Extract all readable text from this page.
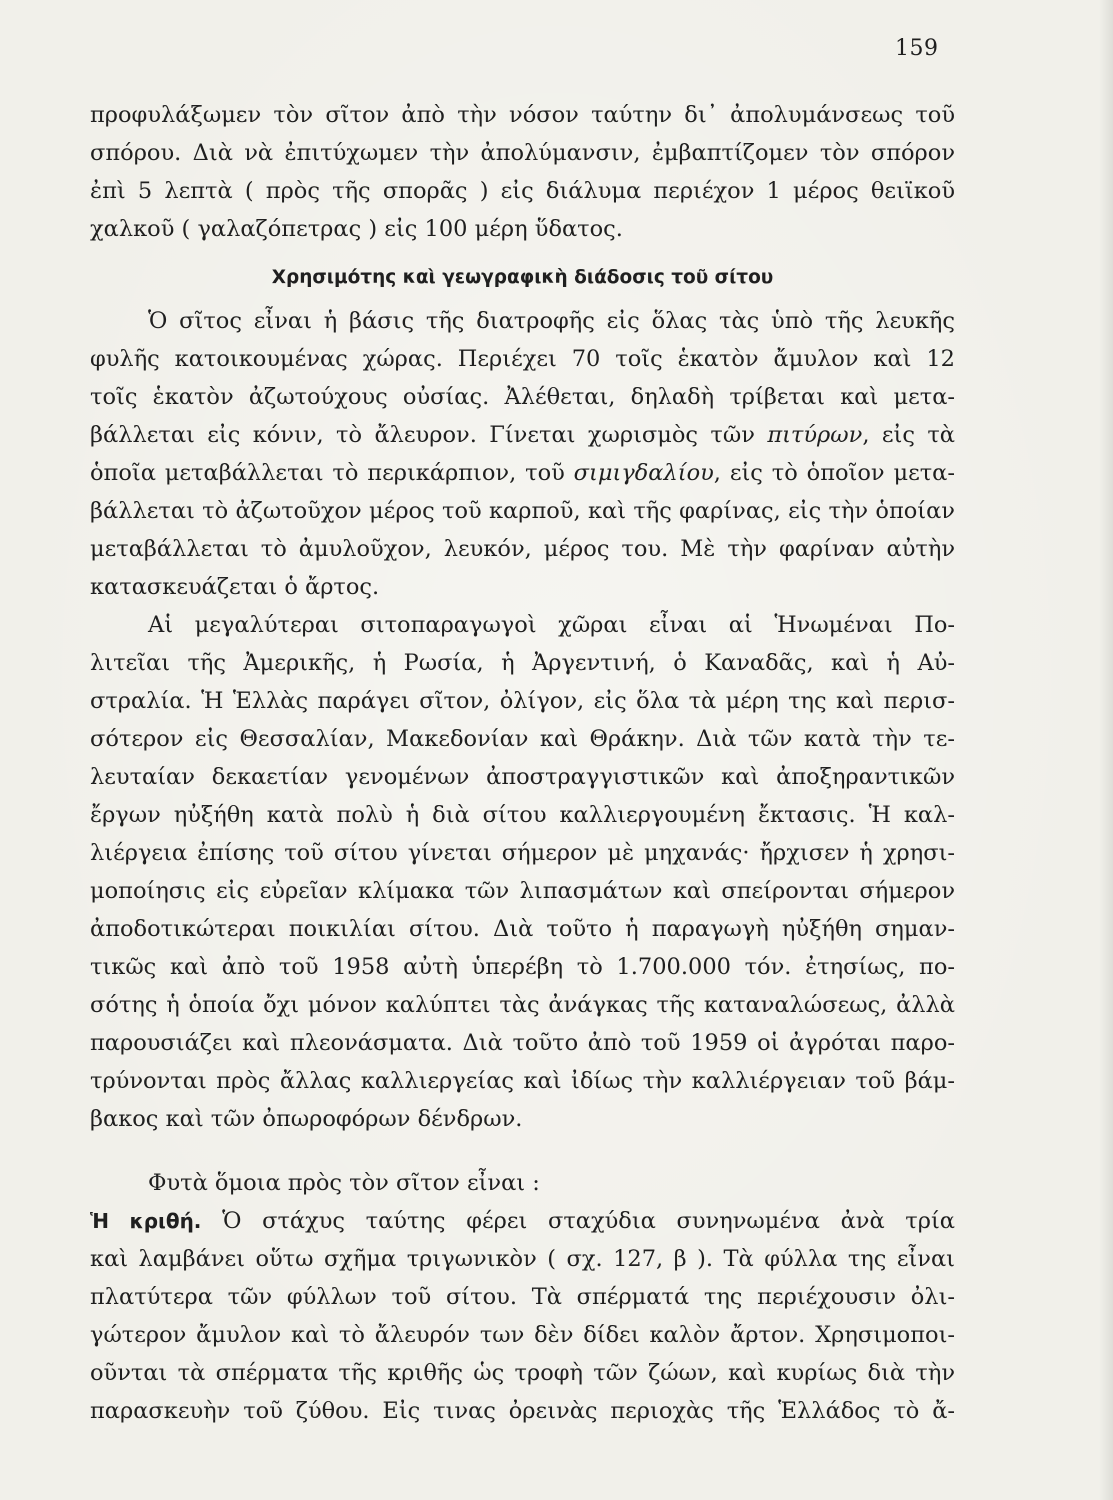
159
προφυλάξωμεν τὸν σῖτον ἀπὸ τὴν νόσον ταύτην δι᾽ ἀπολυμάνσεως τοῦ
σπόρου. Διὰ νὰ ἐπιτύχωμεν τὴν ἀπολύμανσιν, ἐμβαπτίζομεν τὸν σπόρον
ἐπὶ 5 λεπτὰ ( πρὸς τῆς σπορᾶς ) εἰς διάλυμα περιέχον 1 μέρος θειϊκοῦ
χαλκοῦ ( γαλαζόπετρας ) εἰς 100 μέρη ὕδατος.
Χρησιμότης καὶ γεωγραφικὴ διάδοσις τοῦ σίτου
Ὁ σῖτος εἶναι ἡ βάσις τῆς διατροφῆς εἰς ὅλας τὰς ὑπὸ τῆς λευκῆς
φυλῆς κατοικουμένας χώρας. Περιέχει 70 τοῖς ἑκατὸν ἄμυλον καὶ 12
τοῖς ἑκατὸν ἀζωτούχους οὐσίας. Ἀλέθεται, δηλαδὴ τρίβεται καὶ μετα-
βάλλεται εἰς κόνιν, τὸ ἄλευρον. Γίνεται χωρισμὸς τῶν πιτύρων, εἰς τὰ
ὁποῖα μεταβάλλεται τὸ περικάρπιον, τοῦ σιμιγδαλίου, εἰς τὸ ὁποῖον μετα-
βάλλεται τὸ ἀζωτοῦχον μέρος τοῦ καρποῦ, καὶ τῆς φαρίνας, εἰς τὴν ὁποίαν
μεταβάλλεται τὸ ἀμυλοῦχον, λευκόν, μέρος του. Μὲ τὴν φαρίναν αὐτὴν
κατασκευάζεται ὁ ἄρτος.
Αἱ μεγαλύτεραι σιτοπαραγωγοὶ χῶραι εἶναι αἱ Ἡνωμέναι Πο-
λιτεῖαι τῆς Ἀμερικῆς, ἡ Ρωσία, ἡ Ἀργεντινή, ὁ Καναδᾶς, καὶ ἡ Αὐ-
στραλία. Ἡ Ἑλλὰς παράγει σῖτον, ὀλίγον, εἰς ὅλα τὰ μέρη της καὶ περισ-
σότερον εἰς Θεσσαλίαν, Μακεδονίαν καὶ Θράκην. Διὰ τῶν κατὰ τὴν τε-
λευταίαν δεκαετίαν γενομένων ἀποστραγγιστικῶν καὶ ἀποξηραντικῶν
ἔργων ηὐξήθη κατὰ πολὺ ἡ διὰ σίτου καλλιεργουμένη ἔκτασις. Ἡ καλ-
λιέργεια ἐπίσης τοῦ σίτου γίνεται σήμερον μὲ μηχανάς· ἤρχισεν ἡ χρησι-
μοποίησις εἰς εὐρεῖαν κλίμακα τῶν λιπασμάτων καὶ σπείρονται σήμερον
ἀποδοτικώτεραι ποικιλίαι σίτου. Διὰ τοῦτο ἡ παραγωγὴ ηὐξήθη σημαν-
τικῶς καὶ ἀπὸ τοῦ 1958 αὐτὴ ὑπερέβη τὸ 1.700.000 τόν. ἐτησίως, πο-
σότης ἡ ὁποία ὄχι μόνον καλύπτει τὰς ἀνάγκας τῆς καταναλώσεως, ἀλλὰ
παρουσιάζει καὶ πλεονάσματα. Διὰ τοῦτο ἀπὸ τοῦ 1959 οἱ ἀγρόται παρο-
τρύνονται πρὸς ἄλλας καλλιεργείας καὶ ἰδίως τὴν καλλιέργειαν τοῦ βάμ-
βακος καὶ τῶν ὀπωροφόρων δένδρων.
Φυτὰ ὅμοια πρὸς τὸν σῖτον εἶναι :
Ἡ κριθή. Ὁ στάχυς ταύτης φέρει σταχύδια συνηνωμένα ἀνὰ τρία
καὶ λαμβάνει οὕτω σχῆμα τριγωνικὸν ( σχ. 127, β ). Τὰ φύλλα της εἶναι
πλατύτερα τῶν φύλλων τοῦ σίτου. Τὰ σπέρματά της περιέχουσιν ὀλι-
γώτερον ἄμυλον καὶ τὸ ἄλευρόν των δὲν δίδει καλὸν ἄρτον. Χρησιμοποι-
οῦνται τὰ σπέρματα τῆς κριθῆς ὡς τροφὴ τῶν ζώων, καὶ κυρίως διὰ τὴν
παρασκευὴν τοῦ ζύθου. Εἰς τινας ὀρεινὰς περιοχὰς τῆς Ἑλλάδος τὸ ἄ-
